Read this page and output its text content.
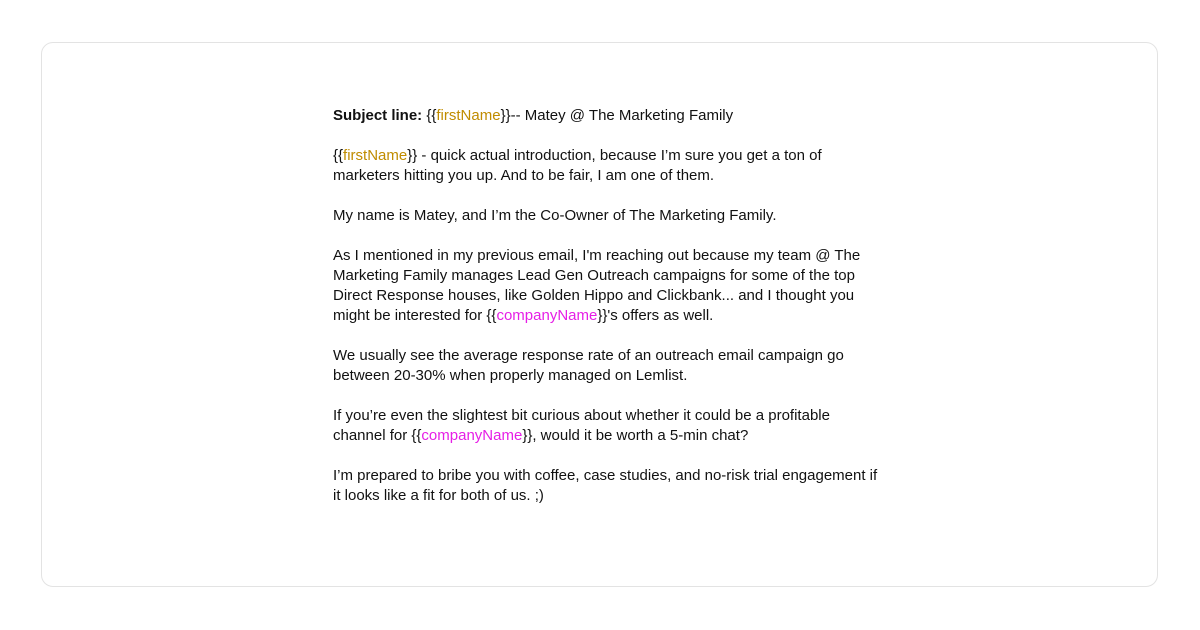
Subject line: {{firstName}}-- Matey @ The Marketing Family

{{firstName}} - quick actual introduction, because I’m sure you get a ton of marketers hitting you up. And to be fair, I am one of them.

My name is Matey, and I’m the Co-Owner of The Marketing Family.

As I mentioned in my previous email, I'm reaching out because my team @ The Marketing Family manages Lead Gen Outreach campaigns for some of the top Direct Response houses, like Golden Hippo and Clickbank... and I thought you might be interested for {{companyName}}'s offers as well.

We usually see the average response rate of an outreach email campaign go between 20-30% when properly managed on Lemlist.

If you’re even the slightest bit curious about whether it could be a profitable channel for {{companyName}}, would it be worth a 5-min chat?

I’m prepared to bribe you with coffee, case studies, and no-risk trial engagement if it looks like a fit for both of us. ;)
